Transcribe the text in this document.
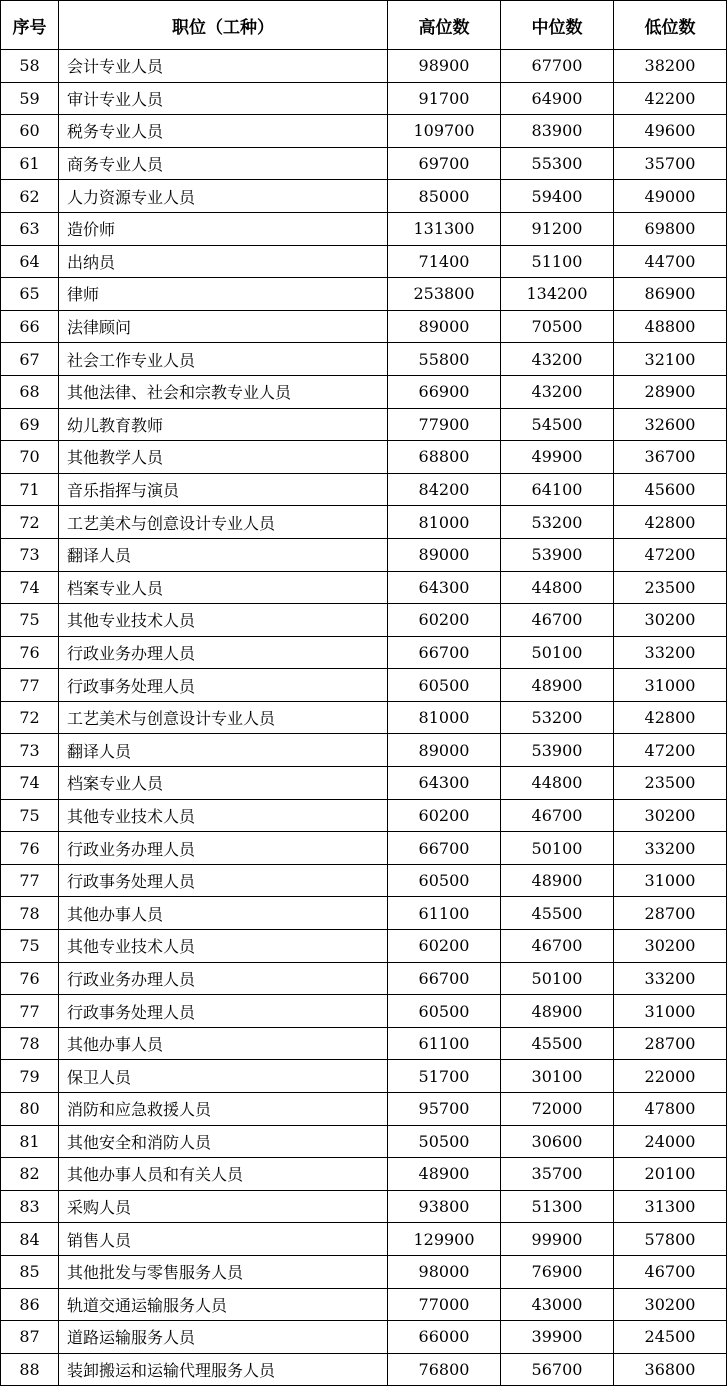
序号	职位（工种）	高位数	中位数	低位数
58	会计专业人员	98900	67700	38200
59	审计专业人员	91700	64900	42200
60	税务专业人员	109700	83900	49600
61	商务专业人员	69700	55300	35700
62	人力资源专业人员	85000	59400	49000
63	造价师	131300	91200	69800
64	出纳员	71400	51100	44700
65	律师	253800	134200	86900
66	法律顾问	89000	70500	48800
67	社会工作专业人员	55800	43200	32100
68	其他法律、社会和宗教专业人员	66900	43200	28900
69	幼儿教育教师	77900	54500	32600
70	其他教学人员	68800	49900	36700
71	音乐指挥与演员	84200	64100	45600
72	工艺美术与创意设计专业人员	81000	53200	42800
73	翻译人员	89000	53900	47200
74	档案专业人员	64300	44800	23500
75	其他专业技术人员	60200	46700	30200
76	行政业务办理人员	66700	50100	33200
77	行政事务处理人员	60500	48900	31000
72	工艺美术与创意设计专业人员	81000	53200	42800
73	翻译人员	89000	53900	47200
74	档案专业人员	64300	44800	23500
75	其他专业技术人员	60200	46700	30200
76	行政业务办理人员	66700	50100	33200
77	行政事务处理人员	60500	48900	31000
78	其他办事人员	61100	45500	28700
75	其他专业技术人员	60200	46700	30200
76	行政业务办理人员	66700	50100	33200
77	行政事务处理人员	60500	48900	31000
78	其他办事人员	61100	45500	28700
79	保卫人员	51700	30100	22000
80	消防和应急救援人员	95700	72000	47800
81	其他安全和消防人员	50500	30600	24000
82	其他办事人员和有关人员	48900	35700	20100
83	采购人员	93800	51300	31300
84	销售人员	129900	99900	57800
85	其他批发与零售服务人员	98000	76900	46700
86	轨道交通运输服务人员	77000	43000	30200
87	道路运输服务人员	66000	39900	24500
88	装卸搬运和运输代理服务人员	76800	56700	36800
